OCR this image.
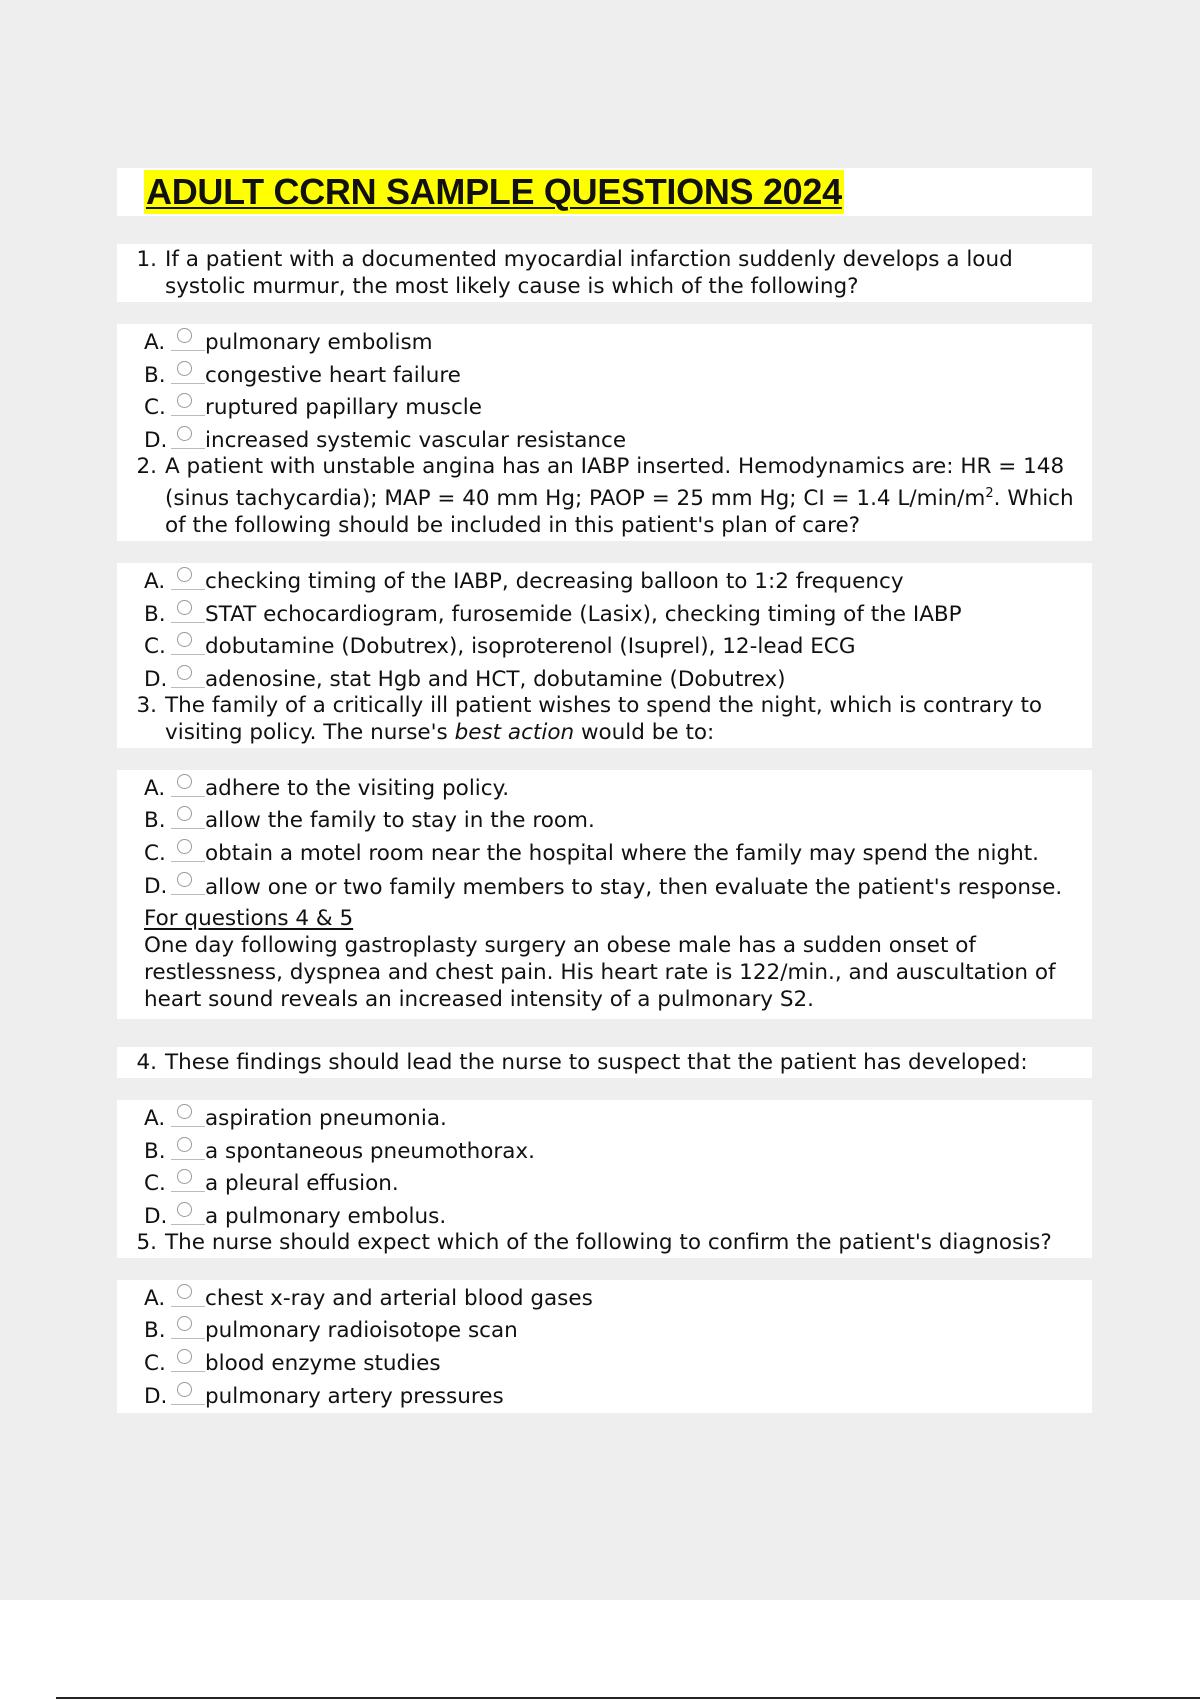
ADULT CCRN SAMPLE QUESTIONS 2024
1. If a patient with a documented myocardial infarction suddenly develops a loud systolic murmur, the most likely cause is which of the following?
A. pulmonary embolism
B. congestive heart failure
C. ruptured papillary muscle
D. increased systemic vascular resistance
2. A patient with unstable angina has an IABP inserted. Hemodynamics are: HR = 148 (sinus tachycardia); MAP = 40 mm Hg; PAOP = 25 mm Hg; CI = 1.4 $L/\min/m^2$. Which of the following should be included in this patient's plan of care?
A. checking timing of the IABP, decreasing balloon to 1:2 frequency
B. STAT echocardiogram, furosemide (Lasix), checking timing of the IABP
C. dobutamine (Dobutrex), isoproterenol (Isuprel), 12-lead ECG
D. adenosine, stat Hgb and HCT, dobutamine (Dobutrex)
3. The family of a critically ill patient wishes to spend the night, which is contrary to visiting policy. The nurse's best action would be to:
A. adhere to the visiting policy.
B. allow the family to stay in the room.
C. obtain a motel room near the hospital where the family may spend the night.
D.	allow one or two family members to stay, then evaluate the patient's response.
For questions 4 & 5
One day following gastroplasty surgery an obese male has a sudden onset of restlessness, dyspnea and chest pain. His heart rate is 122/min., and auscultation of heart sound reveals an increased intensity of a pulmonary S2.
4. These findings should lead the nurse to suspect that the patient has developed:
A. aspiration pneumonia.
B. a spontaneous pneumothorax.
C. a pleural effusion.
D. a pulmonary embolus.
5. The nurse should expect which of the following to confirm the patient's diagnosis?
A. chest x-ray and arterial blood gases
B. pulmonary radioisotope scan
C. blood enzyme studies
D. pulmonary artery pressures
